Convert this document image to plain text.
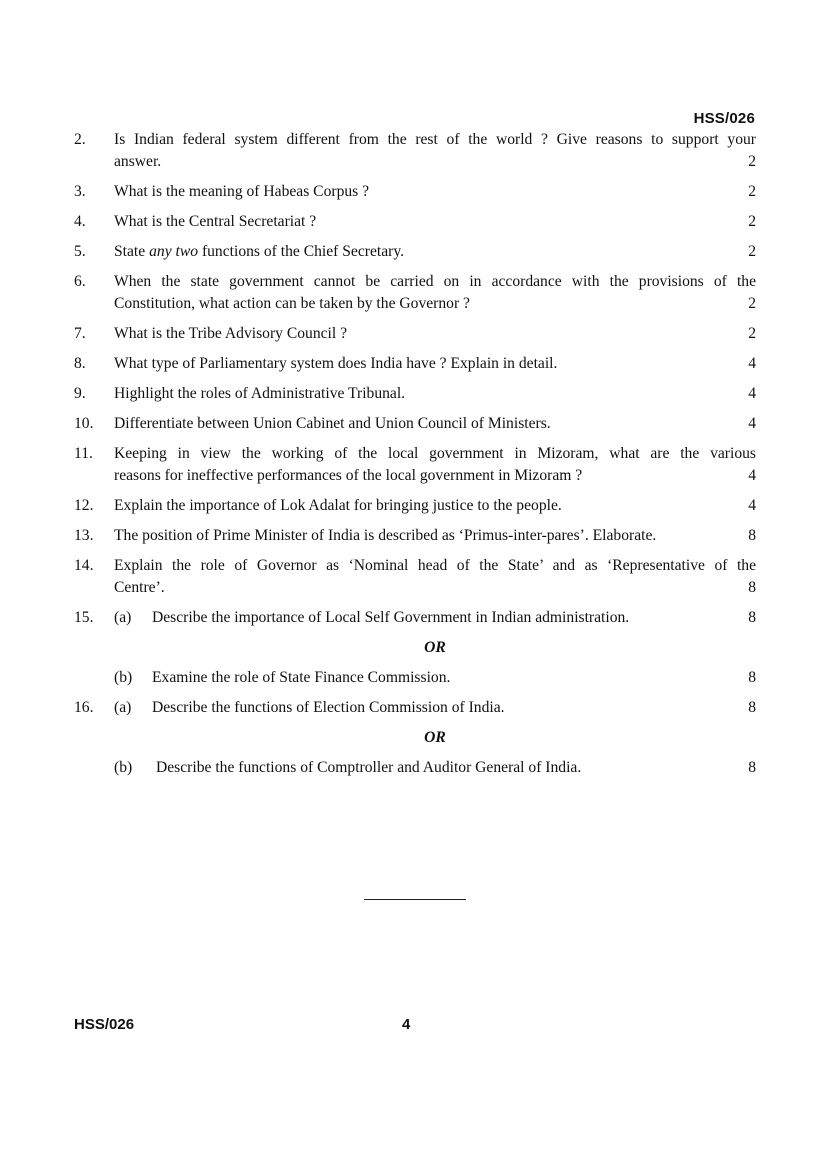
HSS/026
2.	Is Indian federal system different from the rest of the world ? Give reasons to support your
answer.	2
3.	What is the meaning of Habeas Corpus ?	2
4.	What is the Central Secretariat ?	2
5.	State any two functions of the Chief Secretary.	2
6.	When the state government cannot be carried on in accordance with the provisions of the
Constitution, what action can be taken by the Governor ?	2
7.	What is the Tribe Advisory Council ?	2
8.	What type of Parliamentary system does India have ? Explain in detail.	4
9.	Highlight the roles of Administrative Tribunal.	4
10.	Differentiate between Union Cabinet and Union Council of Ministers.	4
11.	Keeping in view the working of the local government in Mizoram, what are the various
reasons for ineffective performances of the local government in Mizoram ?	4
12.	Explain the importance of Lok Adalat for bringing justice to the people.	4
13.	The position of Prime Minister of India is described as ‘Primus-inter-pares’. Elaborate.	8
14.	Explain the role of Governor as ‘Nominal head of the State’ and as ‘Representative of the
Centre’.	8
15.	(a) Describe the importance of Local Self Government in Indian administration.	8
OR
(b) Examine the role of State Finance Commission.	8
16.	(a) Describe the functions of Election Commission of India.	8
OR
(b) Describe the functions of Comptroller and Auditor General of India.	8
HSS/026	4
